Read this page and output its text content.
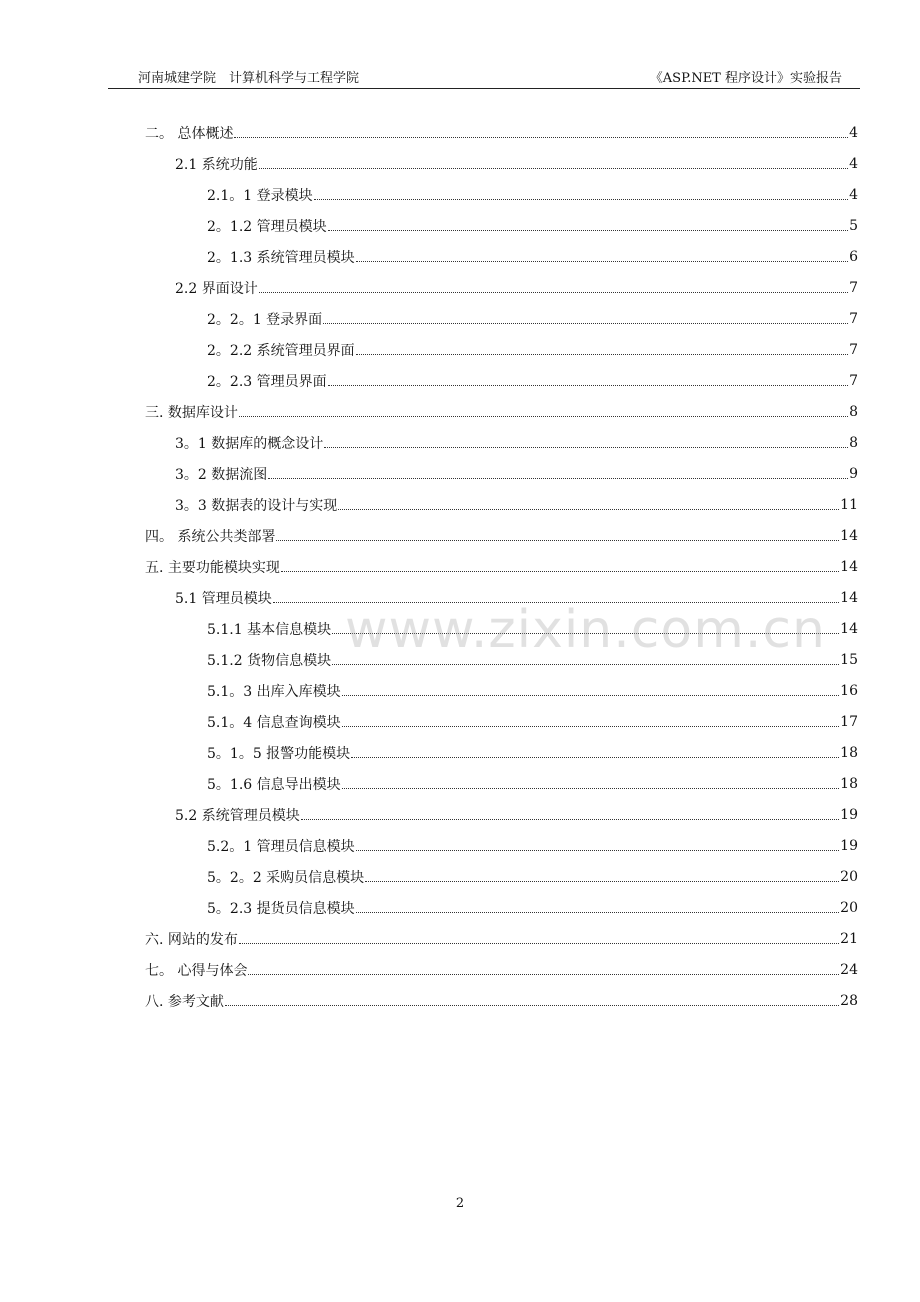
河南城建学院　计算机科学与工程学院	《ASP.NET 程序设计》实验报告
二。 总体概述	4
2.1 系统功能	4
2.1。1 登录模块	4
2。1.2 管理员模块	5
2。1.3 系统管理员模块	6
2.2 界面设计	7
2。2。1 登录界面	7
2。2.2 系统管理员界面	7
2。2.3 管理员界面	7
三. 数据库设计	8
3。1 数据库的概念设计	8
3。2 数据流图	9
3。3 数据表的设计与实现	11
四。 系统公共类部署	14
五. 主要功能模块实现	14
5.1 管理员模块	14
5.1.1 基本信息模块	14
5.1.2 货物信息模块	15
5.1。3 出库入库模块	16
5.1。4 信息查询模块	17
5。1。5 报警功能模块	18
5。1.6 信息导出模块	18
5.2 系统管理员模块	19
5.2。1 管理员信息模块	19
5。2。2 采购员信息模块	20
5。2.3 提货员信息模块	20
六. 网站的发布	21
七。 心得与体会	24
八. 参考文献	28
www.zixin.com.cn
2
